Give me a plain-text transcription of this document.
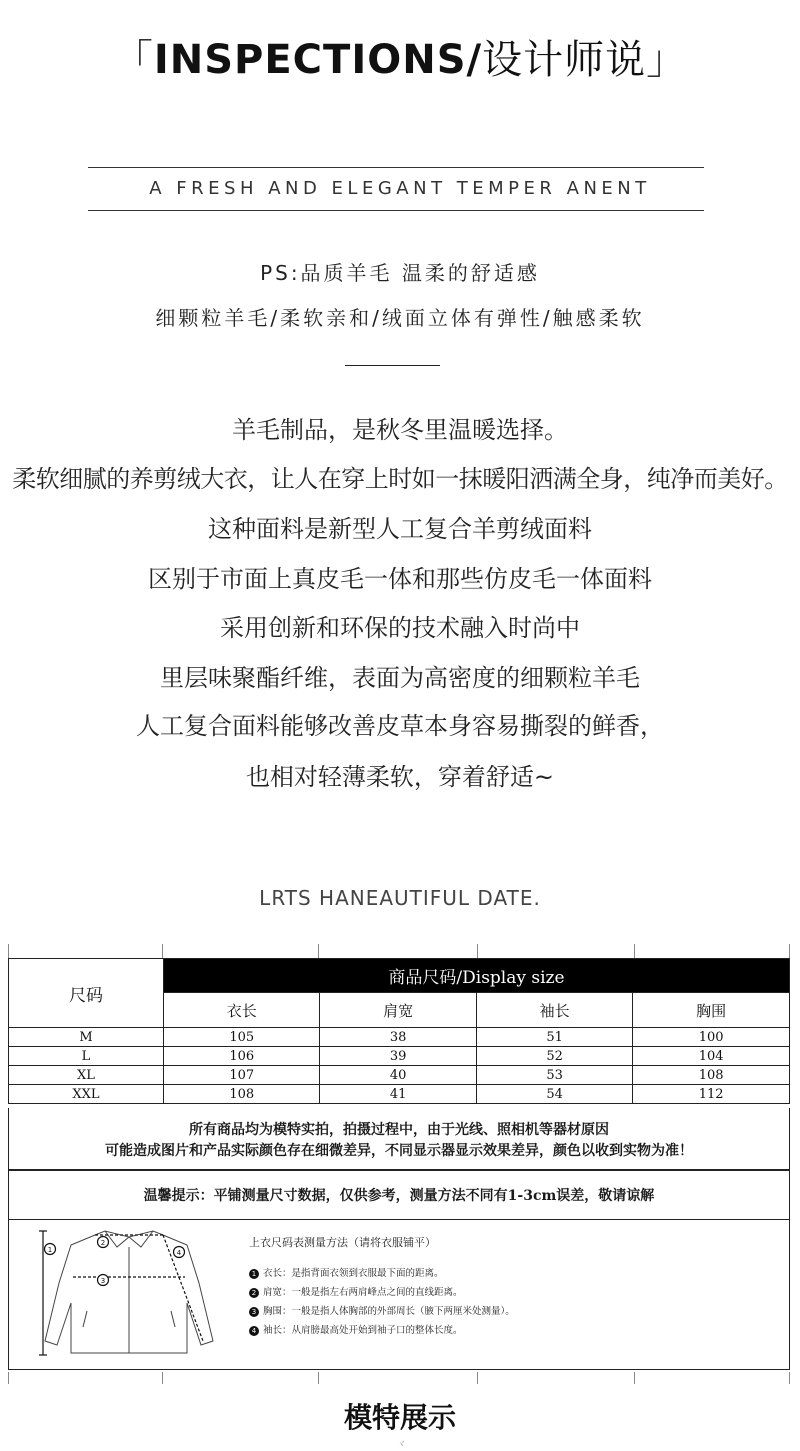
「INSPECTIONS/设计师说」
A FRESH AND ELEGANT TEMPER ANENT
PS:品质羊毛 温柔的舒适感
细颗粒羊毛/柔软亲和/绒面立体有弹性/触感柔软
羊毛制品，是秋冬里温暖选择。
柔软细腻的养剪绒大衣，让人在穿上时如一抹暖阳洒满全身，纯净而美好。
这种面料是新型人工复合羊剪绒面料
区别于市面上真皮毛一体和那些仿皮毛一体面料
采用创新和环保的技术融入时尚中
里层味聚酯纤维，表面为高密度的细颗粒羊毛
人工复合面料能够改善皮草本身容易撕裂的鲜香，
也相对轻薄柔软，穿着舒适~
LRTS HANEAUTIFUL DATE.
尺码	商品尺码/Display size			
	衣长	肩宽	袖长	胸围
M	105	38	51	100
L	106	39	52	104
XL	107	40	53	108
XXL	108	41	54	112
所有商品均为模特实拍，拍摄过程中，由于光线、照相机等器材原因
可能造成图片和产品实际颜色存在细微差异，不同显示器显示效果差异，颜色以收到实物为准！
温馨提示：平铺测量尺寸数据，仅供参考，测量方法不同有1-3cm误差，敬请谅解
1
2
3
4
上衣尺码表测量方法（请将衣服铺平）
1 衣长：是指背面衣领到衣服最下面的距离。
2 肩宽：一般是指左右两肩峰点之间的直线距离。
3 胸围：一般是指人体胸部的外部周长（腋下两厘米处测量）。
4 袖长：从肩膀最高处开始到袖子口的整体长度。
模特展示
ヾ
